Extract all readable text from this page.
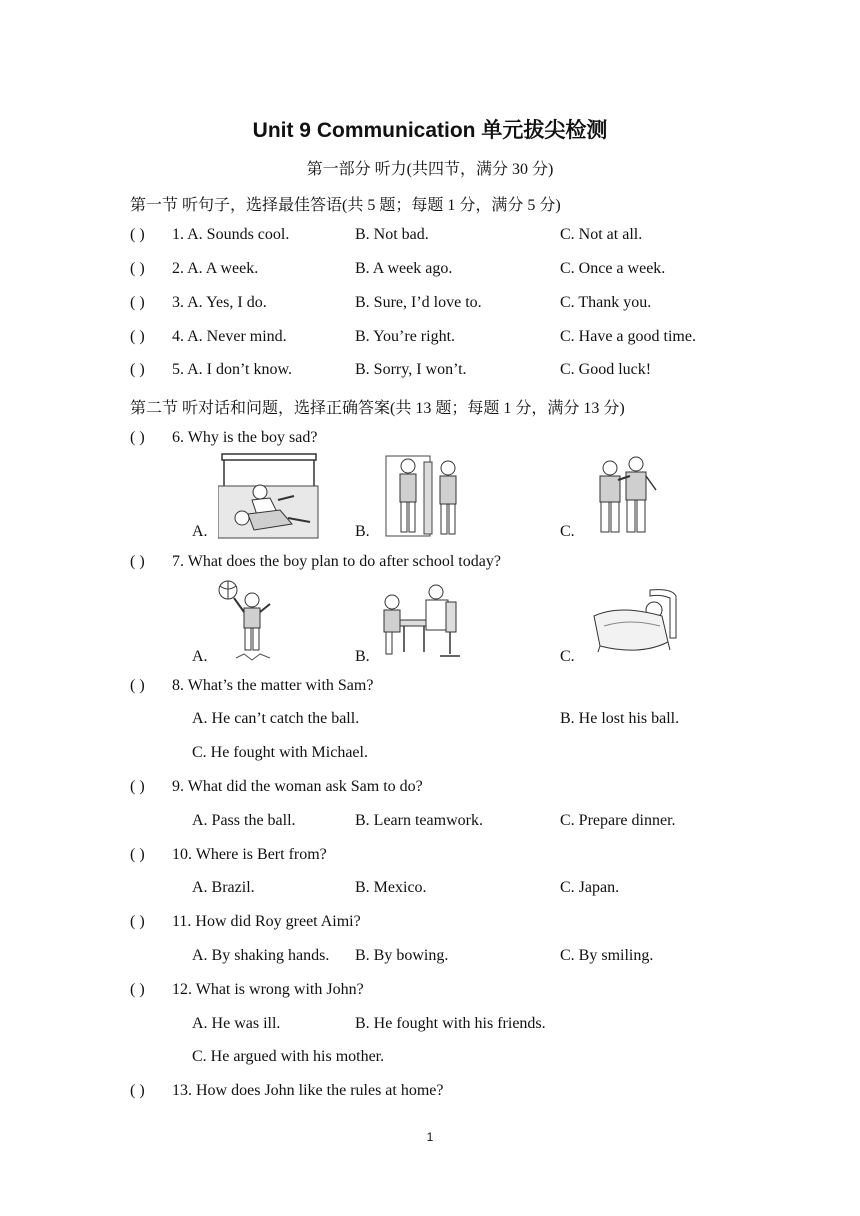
Unit 9 Communication 单元拔尖检测
第一部分 听力(共四节，满分 30 分)
第一节 听句子，选择最佳答语(共 5 题；每题 1 分，满分 5 分)
( ) 1. A. Sounds cool.	B. Not bad.	C. Not at all.
( ) 2. A. A week.	B. A week ago.	C. Once a week.
( ) 3. A. Yes, I do.	B. Sure, I’d love to.	C. Thank you.
( ) 4. A. Never mind.	B. You’re right.	C. Have a good time.
( ) 5. A. I don’t know.	B. Sorry, I won’t.	C. Good luck!
第二节 听对话和问题，选择正确答案(共 13 题；每题 1 分，满分 13 分)
( ) 6. Why is the boy sad?
A.	B.	C.
( ) 7. What does the boy plan to do after school today?
A.	B.	C.
( ) 8. What’s the matter with Sam?
A. He can’t catch the ball.	B. He lost his ball.
C. He fought with Michael.
( ) 9. What did the woman ask Sam to do?
A. Pass the ball.	B. Learn teamwork.	C. Prepare dinner.
( ) 10. Where is Bert from?
A. Brazil.	B. Mexico.	C. Japan.
( ) 11. How did Roy greet Aimi?
A. By shaking hands. B. By bowing.	C. By smiling.
( ) 12. What is wrong with John?
A. He was ill.	B. He fought with his friends.
C. He argued with his mother.
( ) 13. How does John like the rules at home?
1
